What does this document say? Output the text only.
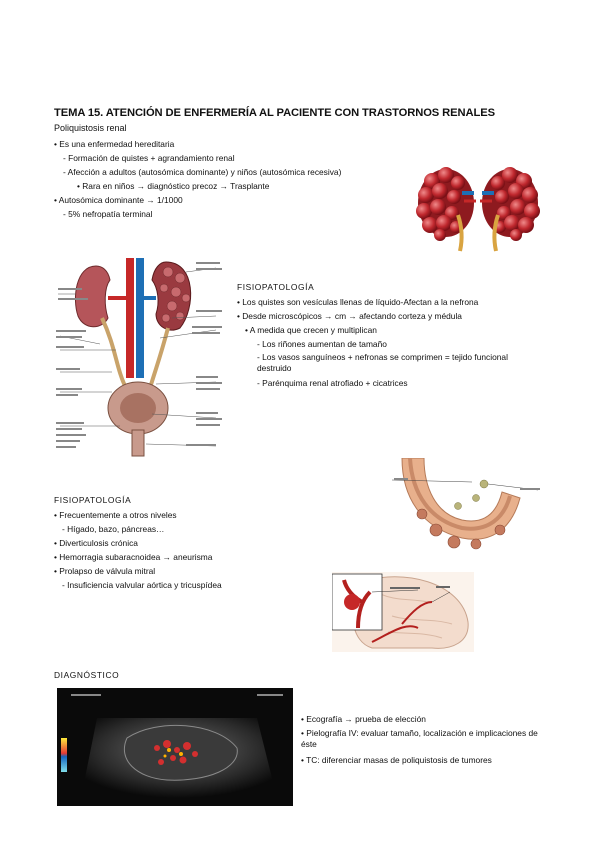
TEMA 15. ATENCIÓN DE ENFERMERÍA AL PACIENTE CON TRASTORNOS RENALES
Poliquistosis renal
• Es una enfermedad hereditaria
- Formación de quistes + agrandamiento renal
- Afección a adultos (autosómica dominante) y niños (autosómica recesiva)
• Rara en niños → diagnóstico precoz → Trasplante
• Autosómica dominante → 1/1000
- 5% nefropatía terminal
FISIOPATOLOGÍA
• Los quistes son vesículas llenas de líquido-Afectan a la nefrona
• Desde microscópicos → cm → afectando corteza y médula
• A medida que crecen y multiplican
- Los riñones aumentan de tamaño
- Los vasos sanguíneos + nefronas se comprimen = tejido funcional destruido
- Parénquima renal atrofiado + cicatrices
FISIOPATOLOGÍA
• Frecuentemente a otros niveles
- Hígado, bazo, páncreas…
• Diverticulosis crónica
• Hemorragia subaracnoidea → aneurisma
• Prolapso de válvula mitral
- Insuficiencia valvular aórtica y tricuspídea
DIAGNÓSTICO
• Ecografía → prueba de elección
• Pielografía IV: evaluar tamaño, localización e implicaciones de éste
• TC: diferenciar masas de poliquistosis de tumores
